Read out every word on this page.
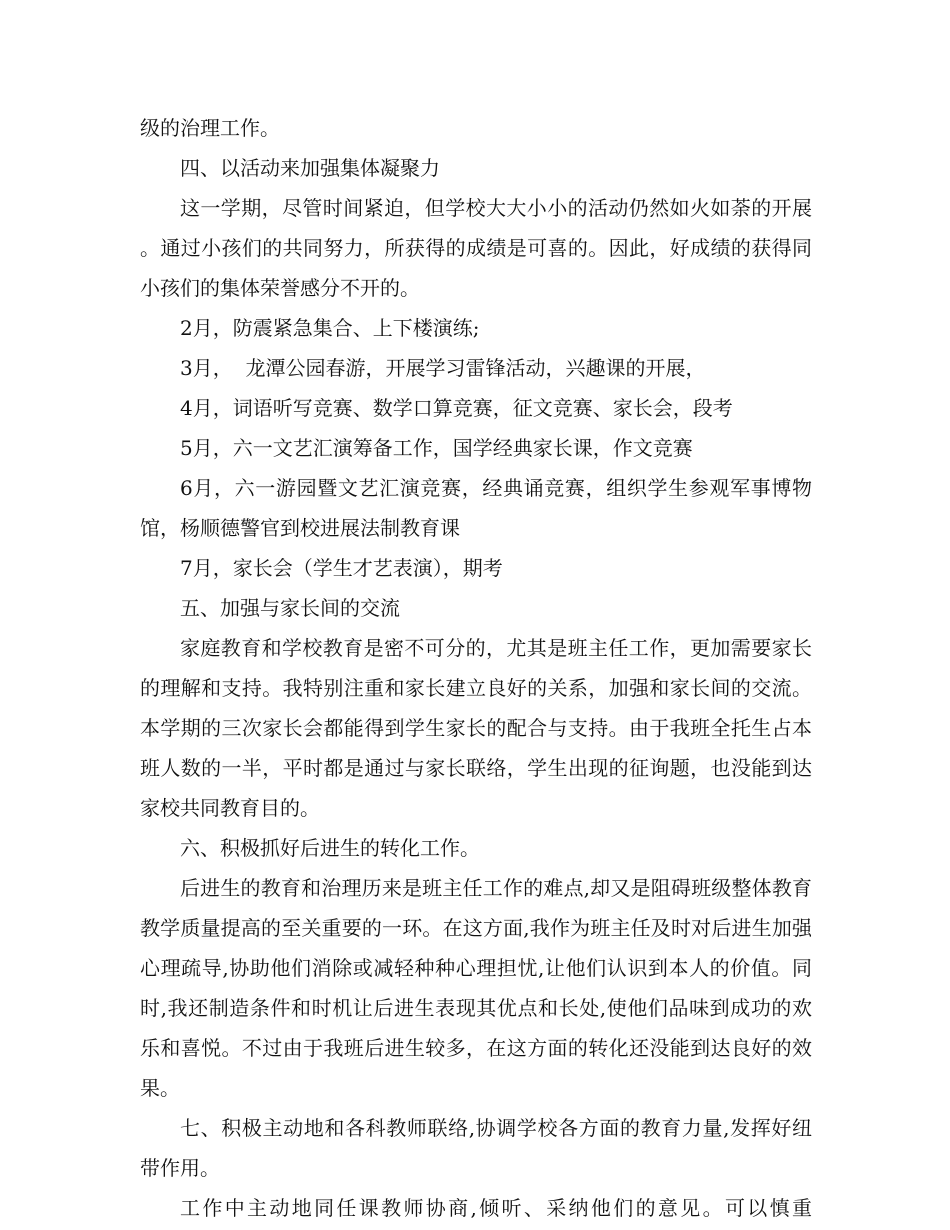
级的治理工作。

四、以活动来加强集体凝聚力

这一学期，尽管时间紧迫，但学校大大小小的活动仍然如火如荼的开展。通过小孩们的共同努力，所获得的成绩是可喜的。因此，好成绩的获得同小孩们的集体荣誉感分不开的。

2月，防震紧急集合、上下楼演练;

3月，  龙潭公园春游，开展学习雷锋活动，兴趣课的开展，

4月，词语听写竞赛、数学口算竞赛，征文竞赛、家长会，段考

5月，六一文艺汇演筹备工作，国学经典家长课，作文竞赛

6月，六一游园暨文艺汇演竞赛，经典诵竞赛，组织学生参观军事博物馆，杨顺德警官到校进展法制教育课

7月，家长会（学生才艺表演），期考

五、加强与家长间的交流

家庭教育和学校教育是密不可分的，尤其是班主任工作，更加需要家长的理解和支持。我特别注重和家长建立良好的关系，加强和家长间的交流。本学期的三次家长会都能得到学生家长的配合与支持。由于我班全托生占本班人数的一半，平时都是通过与家长联络，学生出现的征询题，也没能到达家校共同教育目的。

六、积极抓好后进生的转化工作。

后进生的教育和治理历来是班主任工作的难点,却又是阻碍班级整体教育教学质量提高的至关重要的一环。在这方面,我作为班主任及时对后进生加强心理疏导,协助他们消除或减轻种种心理担忧,让他们认识到本人的价值。同时,我还制造条件和时机让后进生表现其优点和长处,使他们品味到成功的欢乐和喜悦。不过由于我班后进生较多，在这方面的转化还没能到达良好的效果。

七、积极主动地和各科教师联络,协调学校各方面的教育力量,发挥好纽带作用。

工作中主动地同任课教师协商,倾听、采纳他们的意见。可以慎重
